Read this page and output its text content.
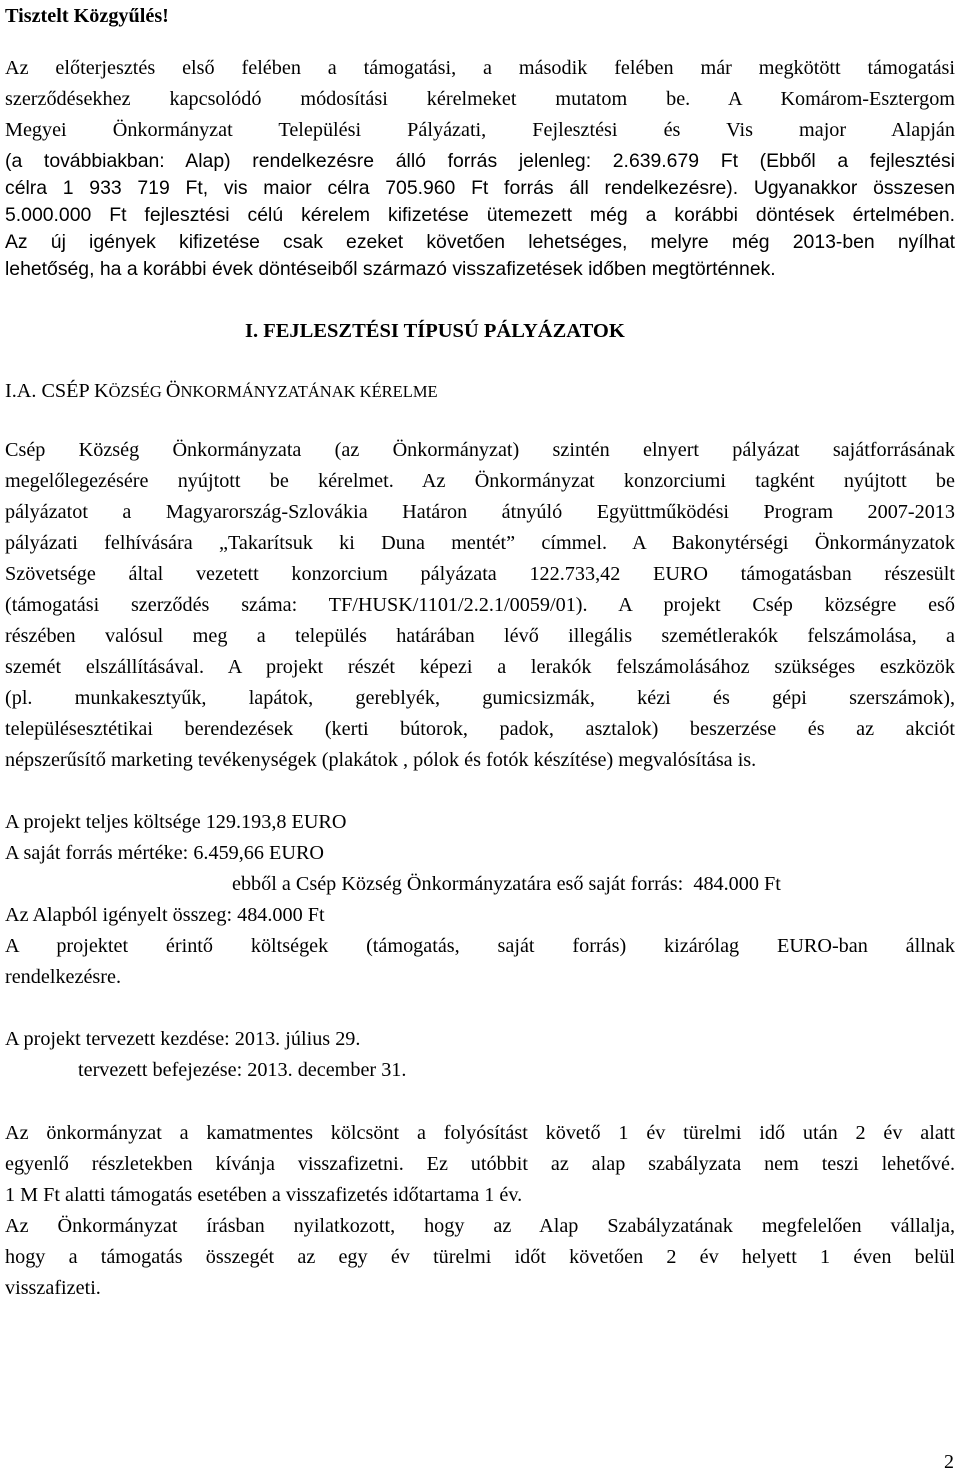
Tisztelt Közgyűlés!
Az előterjesztés első felében a támogatási, a második felében már megkötött támogatási
szerződésekhez kapcsolódó módosítási kérelmeket mutatom be. A Komárom-Esztergom
Megyei Önkormányzat Települési Pályázati, Fejlesztési és Vis major Alapján
(a továbbiakban: Alap) rendelkezésre álló forrás jelenleg: 2.639.679 Ft (Ebből a fejlesztési
célra 1 933 719 Ft, vis maior célra 705.960 Ft forrás áll rendelkezésre). Ugyanakkor összesen
5.000.000 Ft fejlesztési célú kérelem kifizetése ütemezett még a korábbi döntések értelmében.
Az új igények kifizetése csak ezeket követően lehetséges, melyre még 2013-ben nyílhat
lehetőség, ha a korábbi évek döntéseiből származó visszafizetések időben megtörténnek.
I. FEJLESZTÉSI TÍPUSÚ PÁLYÁZATOK
I.A. CSÉP KÖZSÉG ÖNKORMÁNYZATÁNAK KÉRELME
Csép Község Önkormányzata (az Önkormányzat) szintén elnyert pályázat sajátforrásának
megelőlegezésére nyújtott be kérelmet. Az Önkormányzat konzorciumi tagként nyújtott be
pályázatot a Magyarország-Szlovákia Határon átnyúló Együttműködési Program 2007-2013
pályázati felhívására „Takarítsuk ki Duna mentét” címmel. A Bakonytérségi Önkormányzatok
Szövetsége által vezetett konzorcium pályázata 122.733,42 EURO támogatásban részesült
(támogatási szerződés száma: TF/HUSK/1101/2.2.1/0059/01). A projekt Csép községre eső
részében valósul meg a település határában lévő illegális szemétlerakók felszámolása, a
szemét elszállításával. A projekt részét képezi a lerakók felszámolásához szükséges eszközök
(pl. munkakesztyűk, lapátok, gereblyék, gumicsizmák, kézi és gépi szerszámok),
településesztétikai berendezések (kerti bútorok, padok, asztalok) beszerzése és az akciót
népszerűsítő marketing tevékenységek (plakátok , pólok és fotók készítése) megvalósítása is.
A projekt teljes költsége 129.193,8 EURO
A saját forrás mértéke: 6.459,66 EURO
ebből a Csép Község Önkormányzatára eső saját forrás:  484.000 Ft
Az Alapból igényelt összeg: 484.000 Ft
A projektet érintő költségek (támogatás, saját forrás) kizárólag EURO-ban állnak
rendelkezésre.
A projekt tervezett kezdése: 2013. július 29.
tervezett befejezése: 2013. december 31.
Az önkormányzat a kamatmentes kölcsönt a folyósítást követő 1 év türelmi idő után 2 év alatt
egyenlő részletekben kívánja visszafizetni. Ez utóbbit az alap szabályzata nem teszi lehetővé.
1 M Ft alatti támogatás esetében a visszafizetés időtartama 1 év.
Az Önkormányzat írásban nyilatkozott, hogy az Alap Szabályzatának megfelelően vállalja,
hogy a támogatás összegét az egy év türelmi időt követően 2 év helyett 1 éven belül
visszafizeti.
2
